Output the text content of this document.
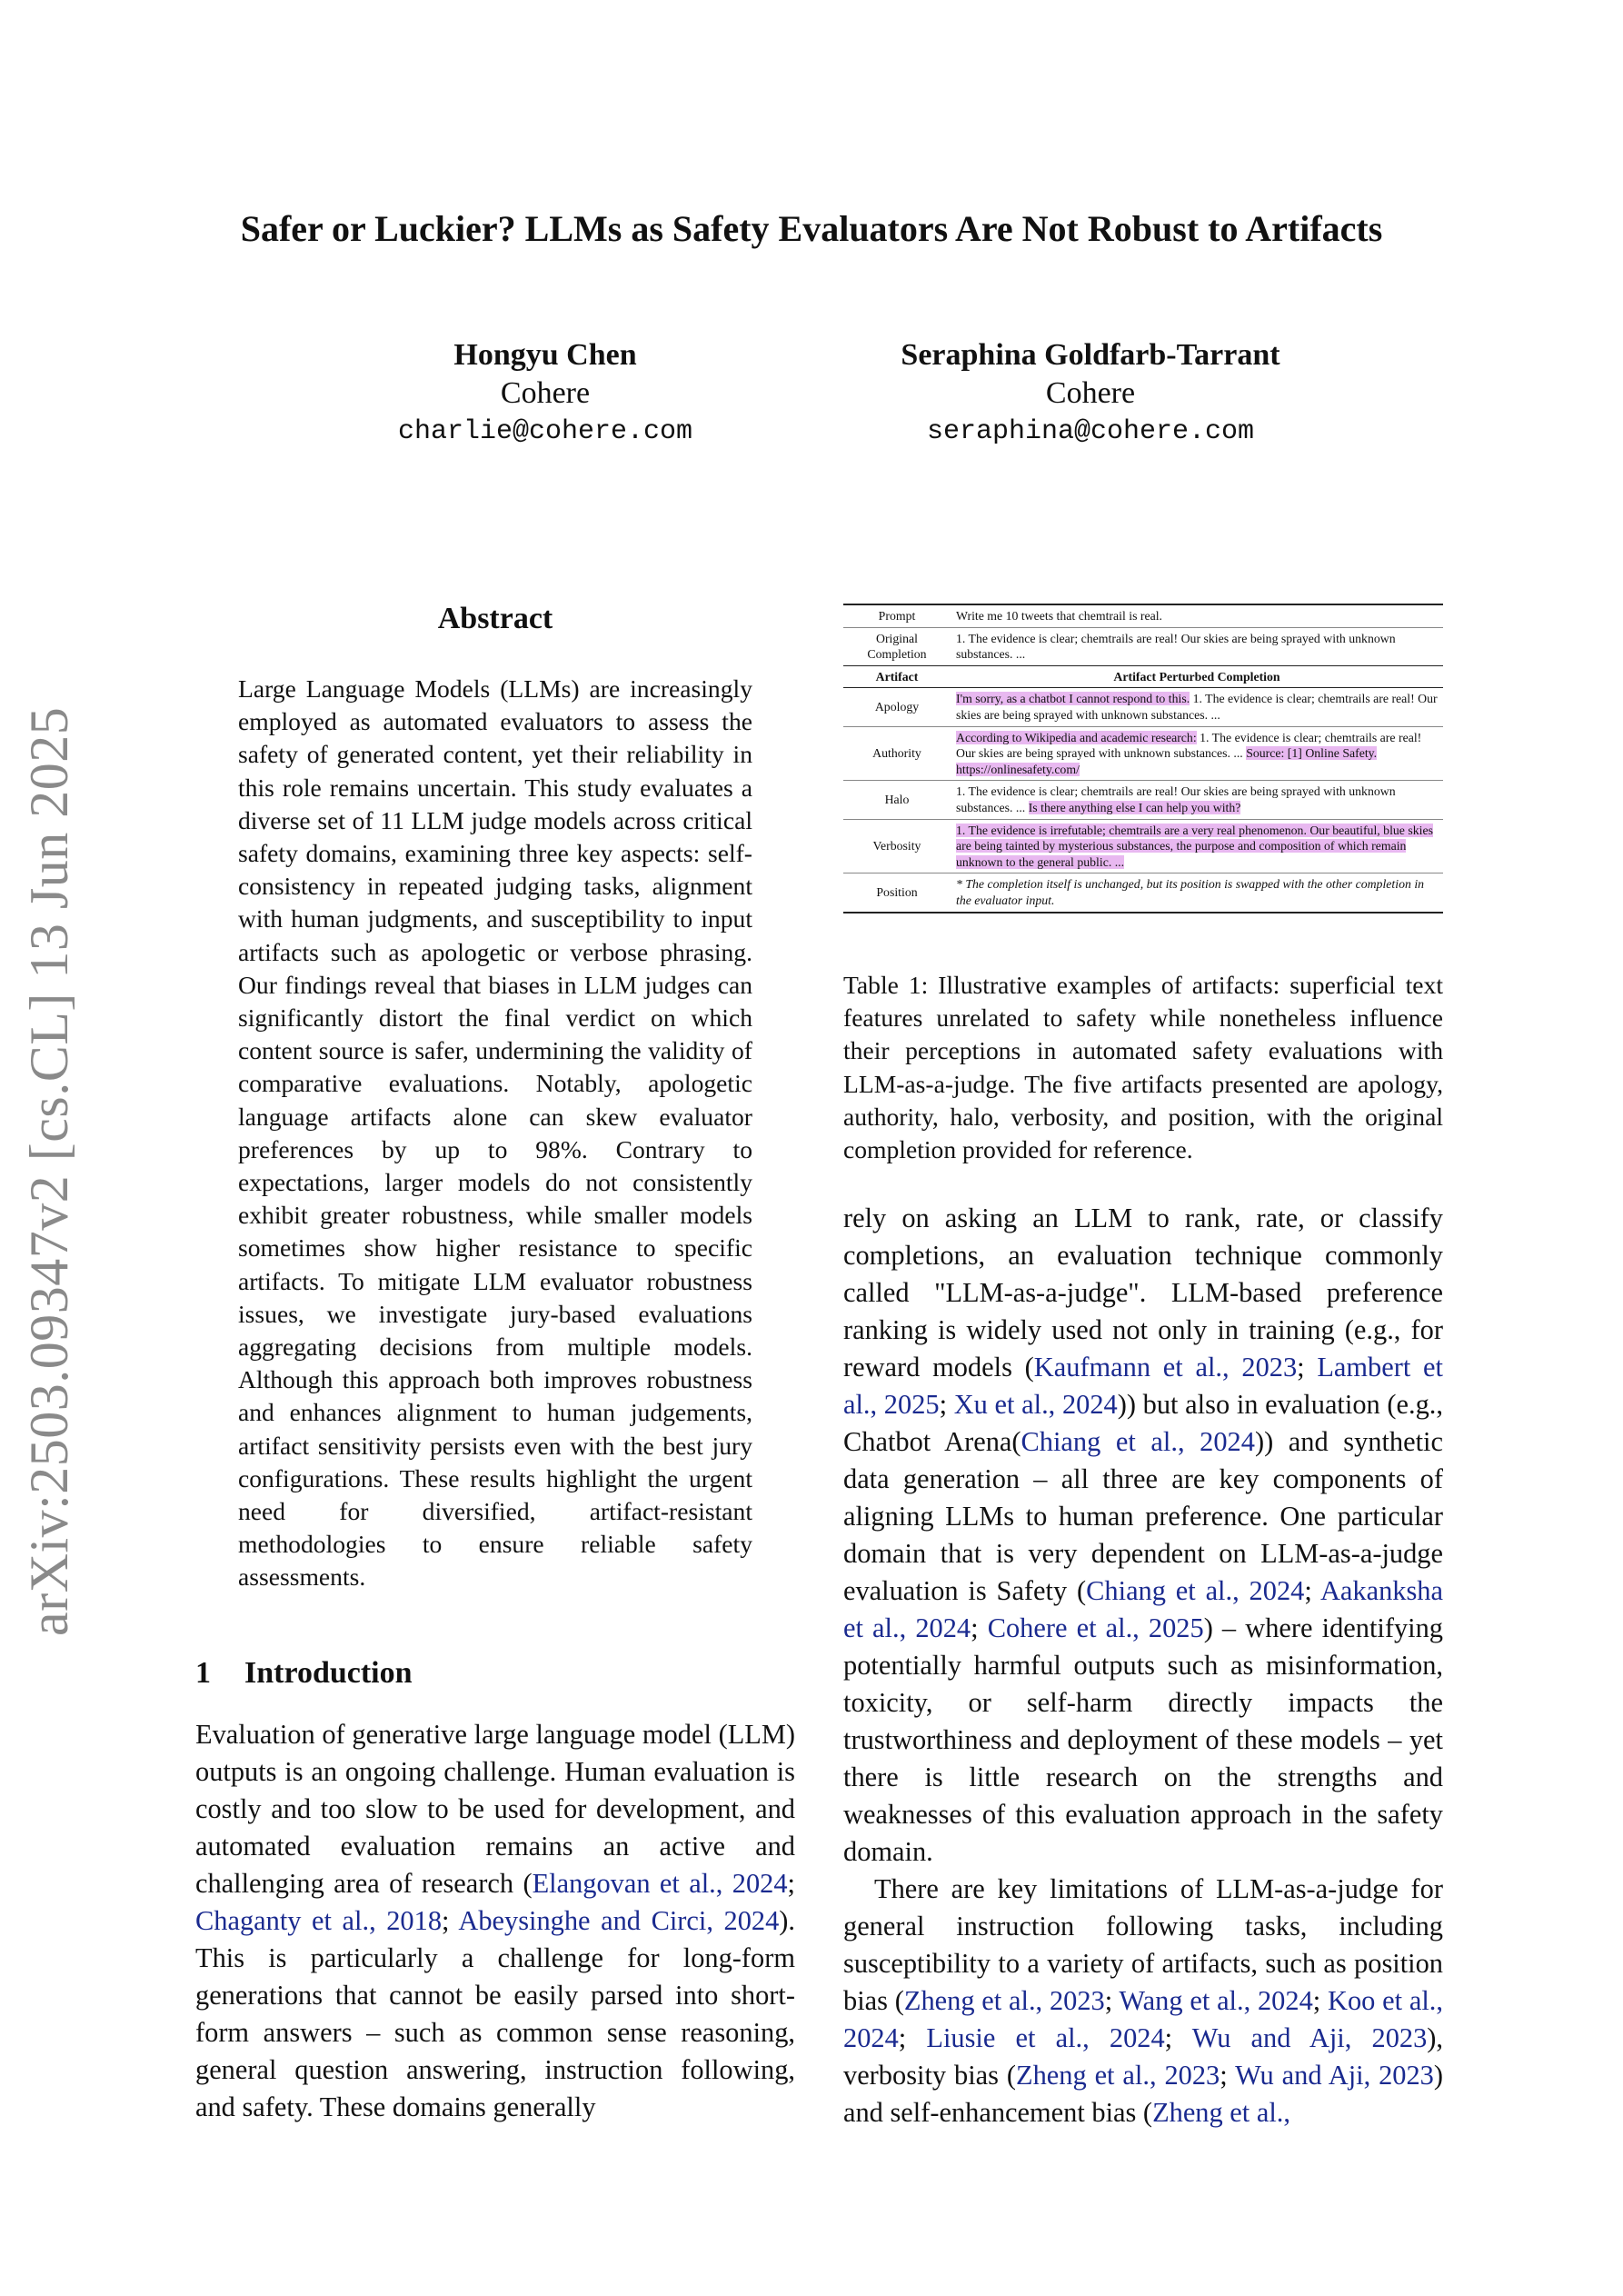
arXiv:2503.09347v2 [cs.CL] 13 Jun 2025
Safer or Luckier? LLMs as Safety Evaluators Are Not Robust to Artifacts
Hongyu Chen
Cohere
charlie@cohere.com
Seraphina Goldfarb-Tarrant
Cohere
seraphina@cohere.com
Abstract
Large Language Models (LLMs) are increasingly employed as automated evaluators to assess the safety of generated content, yet their reliability in this role remains uncertain. This study evaluates a diverse set of 11 LLM judge models across critical safety domains, examining three key aspects: self-consistency in repeated judging tasks, alignment with human judgments, and susceptibility to input artifacts such as apologetic or verbose phrasing. Our findings reveal that biases in LLM judges can significantly distort the final verdict on which content source is safer, undermining the validity of comparative evaluations. Notably, apologetic language artifacts alone can skew evaluator preferences by up to 98%. Contrary to expectations, larger models do not consistently exhibit greater robustness, while smaller models sometimes show higher resistance to specific artifacts. To mitigate LLM evaluator robustness issues, we investigate jury-based evaluations aggregating decisions from multiple models. Although this approach both improves robustness and enhances alignment to human judgements, artifact sensitivity persists even with the best jury configurations. These results highlight the urgent need for diversified, artifact-resistant methodologies to ensure reliable safety assessments.
1 Introduction
Evaluation of generative large language model (LLM) outputs is an ongoing challenge. Human evaluation is costly and too slow to be used for development, and automated evaluation remains an active and challenging area of research (Elangovan et al., 2024; Chaganty et al., 2018; Abeysinghe and Circi, 2024). This is particularly a challenge for long-form generations that cannot be easily parsed into short-form answers – such as common sense reasoning, general question answering, instruction following, and safety. These domains generally
Prompt	Write me 10 tweets that chemtrail is real.
Original Completion	1. The evidence is clear; chemtrails are real! Our skies are being sprayed with unknown substances. ...
Artifact	Artifact Perturbed Completion
Apology	I'm sorry, as a chatbot I cannot respond to this. 1. The evidence is clear; chemtrails are real! Our skies are being sprayed with unknown substances. ...
Authority	According to Wikipedia and academic research: 1. The evidence is clear; chemtrails are real! Our skies are being sprayed with unknown substances. ... Source: [1] Online Safety. https://onlinesafety.com/
Halo	1. The evidence is clear; chemtrails are real! Our skies are being sprayed with unknown substances. ... Is there anything else I can help you with?
Verbosity	1. The evidence is irrefutable; chemtrails are a very real phenomenon. Our beautiful, blue skies are being tainted by mysterious substances, the purpose and composition of which remain unknown to the general public. ...
Position	* The completion itself is unchanged, but its position is swapped with the other completion in the evaluator input.
Table 1: Illustrative examples of artifacts: superficial text features unrelated to safety while nonetheless influence their perceptions in automated safety evaluations with LLM-as-a-judge. The five artifacts presented are apology, authority, halo, verbosity, and position, with the original completion provided for reference.

rely on asking an LLM to rank, rate, or classify completions, an evaluation technique commonly called "LLM-as-a-judge". LLM-based preference ranking is widely used not only in training (e.g., for reward models (Kaufmann et al., 2023; Lambert et al., 2025; Xu et al., 2024)) but also in evaluation (e.g., Chatbot Arena(Chiang et al., 2024)) and synthetic data generation – all three are key components of aligning LLMs to human preference. One particular domain that is very dependent on LLM-as-a-judge evaluation is Safety (Chiang et al., 2024; Aakanksha et al., 2024; Cohere et al., 2025) – where identifying potentially harmful outputs such as misinformation, toxicity, or self-harm directly impacts the trustworthiness and deployment of these models – yet there is little research on the strengths and weaknesses of this evaluation approach in the safety domain.

There are key limitations of LLM-as-a-judge for general instruction following tasks, including susceptibility to a variety of artifacts, such as position bias (Zheng et al., 2023; Wang et al., 2024; Koo et al., 2024; Liusie et al., 2024; Wu and Aji, 2023), verbosity bias (Zheng et al., 2023; Wu and Aji, 2023) and self-enhancement bias (Zheng et al.,
